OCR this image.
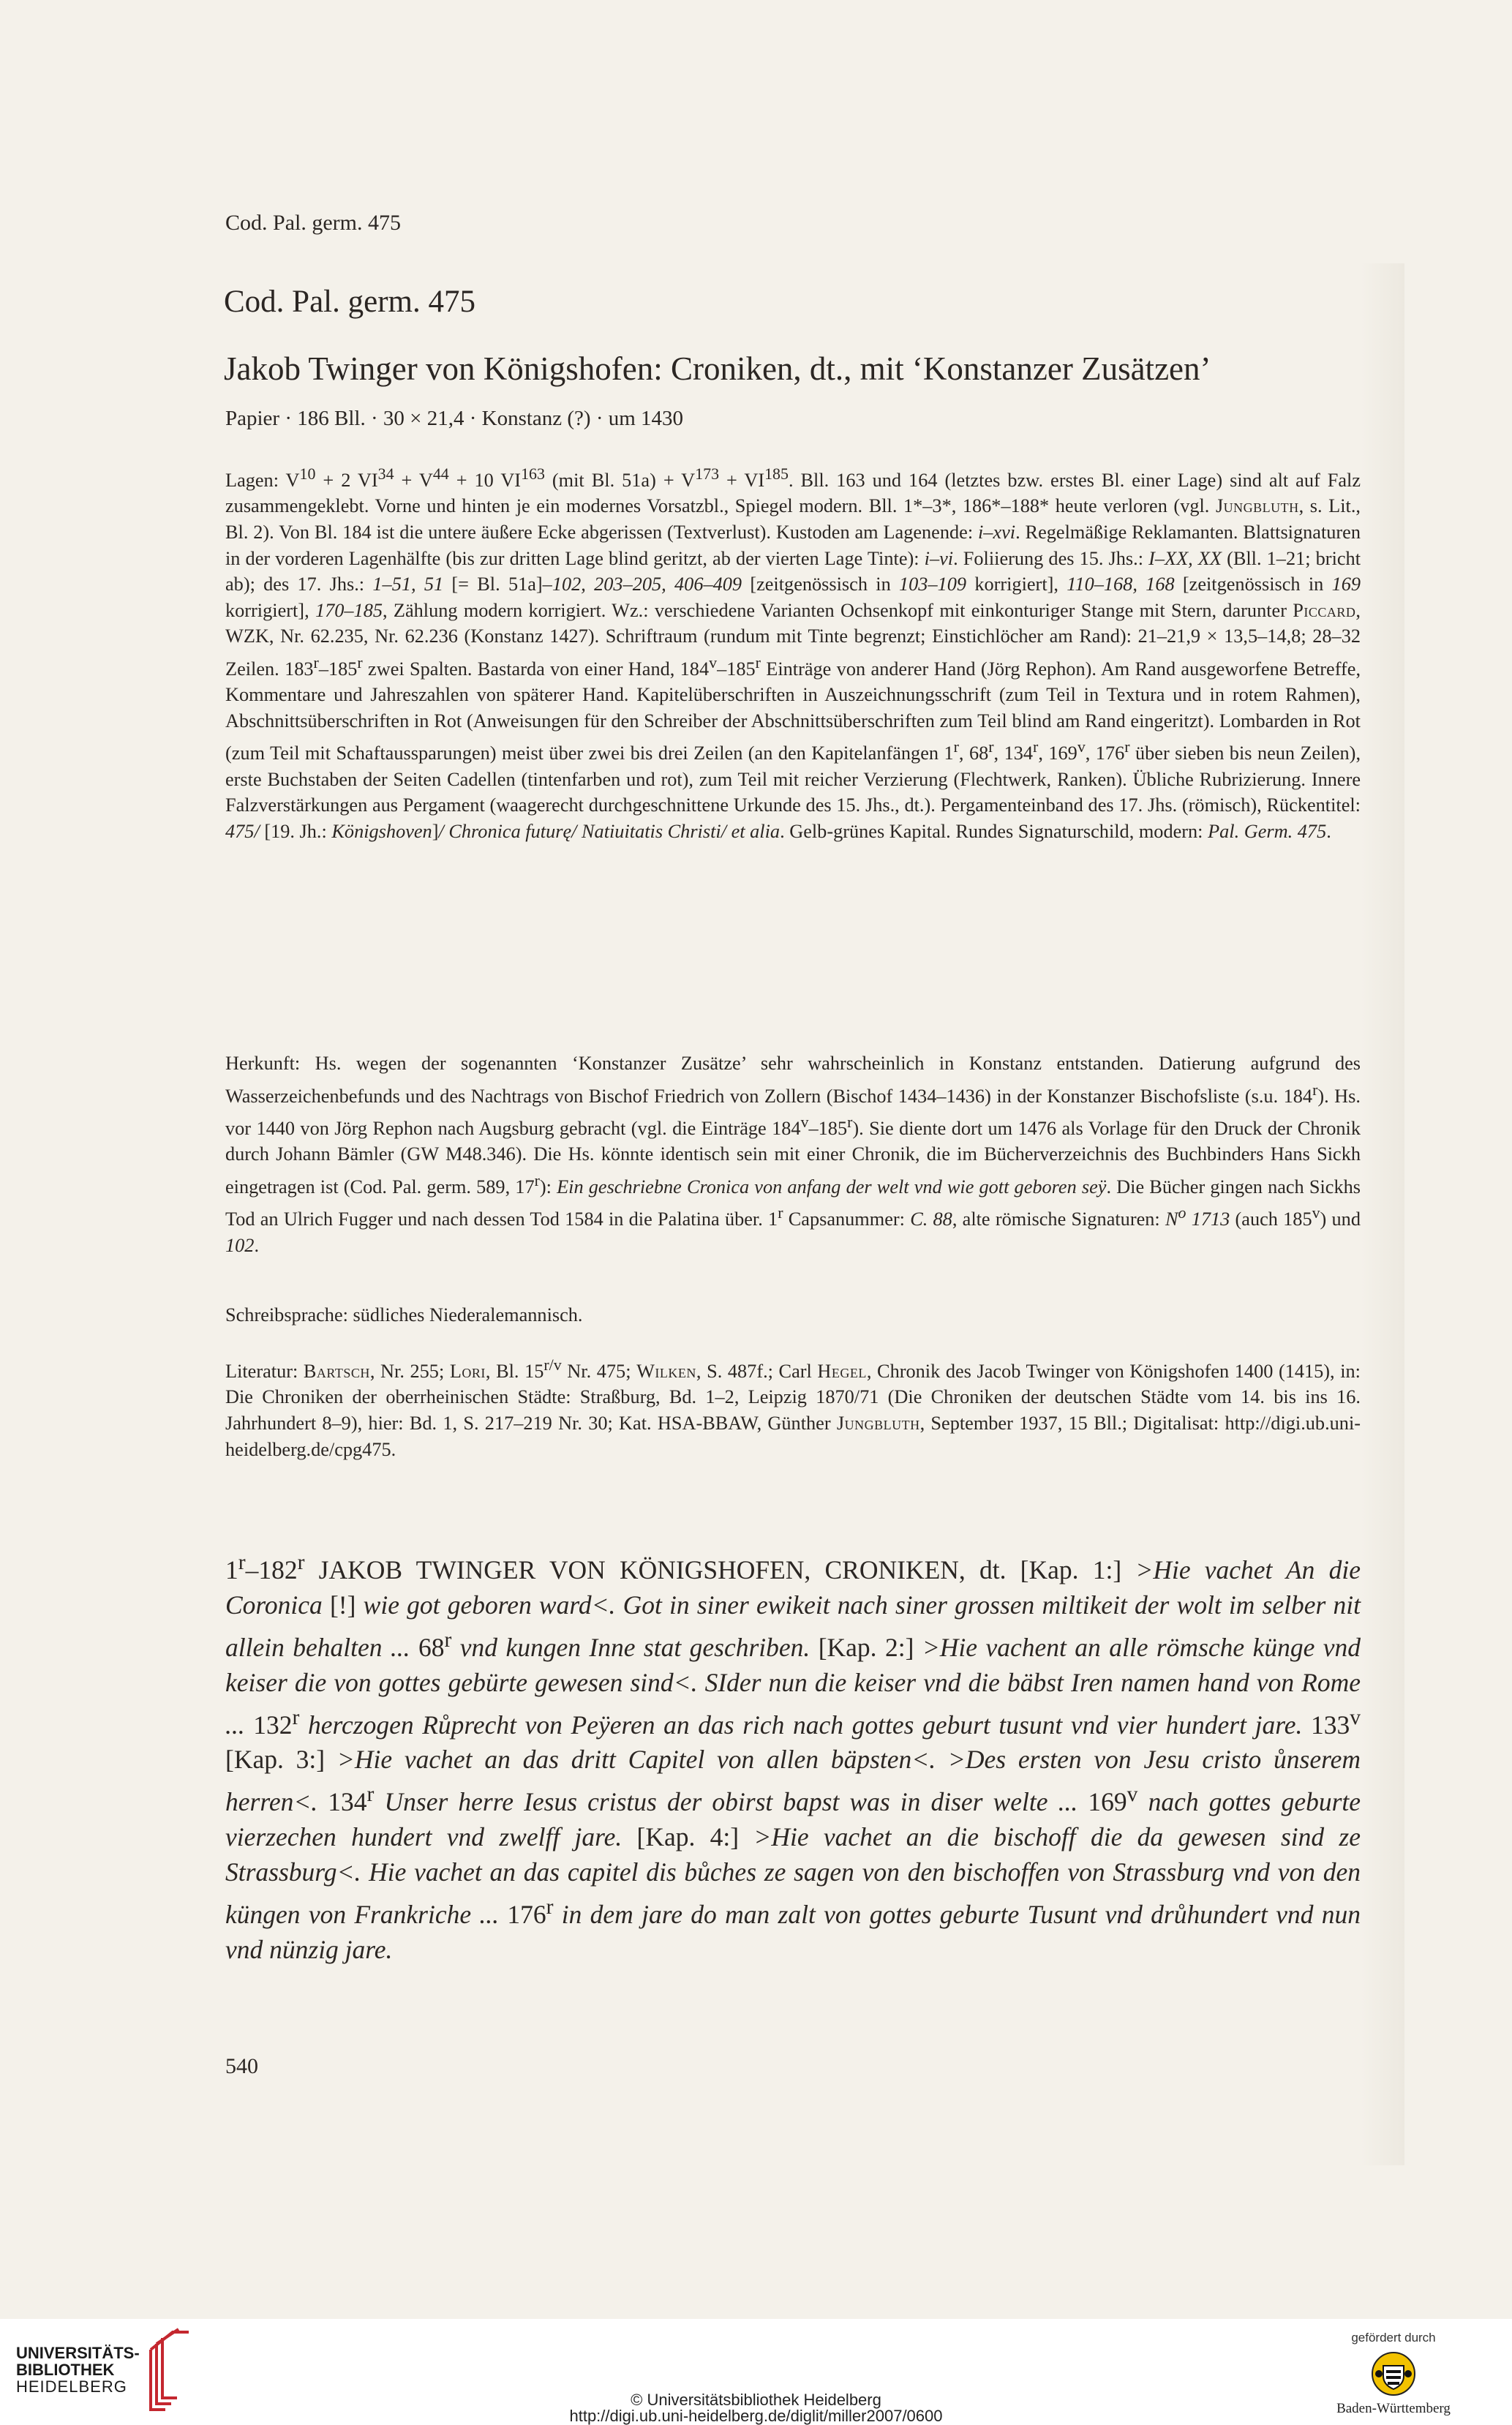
Cod. Pal. germ. 475
Cod. Pal. germ. 475
Jakob Twinger von Königshofen: Croniken, dt., mit ‘Konstanzer Zusätzen’
Papier · 186 Bll. · 30 × 21,4 · Konstanz (?) · um 1430

Lagen: $V^{10} + 2$ $VI^{34} + V^{44} + 10$ VI$^{163}$ (mit Bl. $51a) + V^{173} + VI^{185}$. Bll. 163 und 164 (letztes bzw. erstes Bl. einer Lage) sind alt auf Falz zusammengeklebt. Vorne und hinten je ein modernes Vorsatzbl., Spiegel modern. Bll. 1*–3*, 186*–188* heute verloren (vgl. Jungbluth, s. Lit., Bl. 2). Von Bl. 184 ist die untere äußere Ecke abgerissen (Textverlust). Kustoden am Lagenende: i–xvi. Regelmäßige Reklamanten. Blattsignaturen in der vorderen Lagenhälfte (bis zur dritten Lage blind geritzt, ab der vierten Lage Tinte): i–vi. Foliierung des 15. Jhs.: I–XX, XX (Bll. 1–21; bricht ab); des 17. Jhs.: 1–51, 51 [= Bl. 51a]–102, 203–205, 406–409 [zeitgenössisch in 103–109 korrigiert], 110–168, 168 [zeitgenössisch in 169 korrigiert], 170–185, Zählung modern korrigiert. Wz.: verschiedene Varianten Ochsenkopf mit einkonturiger Stange mit Stern, darunter Piccard, WZK, Nr. 62.235, Nr. 62.236 (Konstanz 1427). Schriftraum (rundum mit Tinte begrenzt; Einstichlöcher am Rand): 21–21,9 × 13,5–14,8; 28–32 Zeilen. 183$^r$–185$^r$ zwei Spalten. Bastarda von einer Hand, 184$^v$–185$^r$ Einträge von anderer Hand (Jörg Rephon). Am Rand ausgeworfene Betreffe, Kommentare und Jahreszahlen von späterer Hand. Kapitelüberschriften in Auszeichnungsschrift (zum Teil in Textura und in rotem Rahmen), Abschnittsüberschriften in Rot (Anweisungen für den Schreiber der Abschnittsüberschriften zum Teil blind am Rand eingeritzt). Lombarden in Rot (zum Teil mit Schaftaussparungen) meist über zwei bis drei Zeilen (an den Kapitelanfängen 1$^r$, 68$^r$, 134$^r$, 169$^v$, 176$^r$ über sieben bis neun Zeilen), erste Buchstaben der Seiten Cadellen (tintenfarben und rot), zum Teil mit reicher Verzierung (Flechtwerk, Ranken). Übliche Rubrizierung. Innere Falzverstärkungen aus Pergament (waagerecht durchgeschnittene Urkunde des 15. Jhs., dt.). Pergamenteinband des 17. Jhs. (römisch), Rückentitel: 475/ [19. Jh.: Königshoven]/ Chronica futurę/ Natiuitatis Christi/ et alia. Gelb-grünes Kapital. Rundes Signaturschild, modern: Pal. Germ. 475.

Herkunft: Hs. wegen der sogenannten ‘Konstanzer Zusätze’ sehr wahrscheinlich in Konstanz entstanden. Datierung aufgrund des Wasserzeichenbefunds und des Nachtrags von Bischof Friedrich von Zollern (Bischof 1434–1436) in der Konstanzer Bischofsliste (s.u. 184$^r$). Hs. vor 1440 von Jörg Rephon nach Augsburg gebracht (vgl. die Einträge 184$^v$–185$^r$). Sie diente dort um 1476 als Vorlage für den Druck der Chronik durch Johann Bämler (GW M48.346). Die Hs. könnte identisch sein mit einer Chronik, die im Bücherverzeichnis des Buchbinders Hans Sickh eingetragen ist (Cod. Pal. germ. 589, 17$^r$): Ein geschriebne Cronica von anfang der welt vnd wie gott geboren seÿ. Die Bücher gingen nach Sickhs Tod an Ulrich Fugger und nach dessen Tod 1584 in die Palatina über. 1$^r$ Capsanummer: C. 88, alte römische Signaturen: $N^o$ 1713 (auch 185$^v$) und 102.

Schreibsprache: südliches Niederalemannisch.

Literatur: Bartsch, Nr. 255; Lori, Bl. $15^{r/v}$ Nr. 475; Wilken, S. 487f.; Carl Hegel, Chronik des Jacob Twinger von Königshofen 1400 (1415), in: Die Chroniken der oberrheinischen Städte: Straßburg, Bd. 1–2, Leipzig 1870/71 (Die Chroniken der deutschen Städte vom 14. bis ins 16. Jahrhundert 8–9), hier: Bd. 1, S. 217–219 Nr. 30; Kat. HSA-BBAW, Günther Jungbluth, September 1937, 15 Bll.; Digitalisat: http://digi.ub.uni-heidelberg.de/cpg475.

1$^r$–182$^r$ JAKOB TWINGER VON KÖNIGSHOFEN, CRONIKEN, dt. [Kap. 1:] >Hie vachet An die Coronica [!] wie got geboren ward<. Got in siner ewikeit nach siner grossen miltikeit der wolt im selber nit allein behalten ... 68$^r$ vnd kungen Inne stat geschriben. [Kap. 2:] >Hie vachent an alle römsche künge vnd keiser die von gottes gebürte gewesen sind<. SIder nun die keiser vnd die bäbst Iren namen hand von Rome ... 132$^r$ herczogen Růprecht von Peÿeren an das rich nach gottes geburt tusunt vnd vier hundert jare. 133$^v$ [Kap. 3:] >Hie vachet an das dritt Capitel von allen bäpsten<. >Des ersten von Jesu cristo ůnserem herren<. 134$^r$ Unser herre Iesus cristus der obirst bapst was in diser welte ... 169$^v$ nach gottes geburte vierzechen hundert vnd zwelff jare. [Kap. 4:] >Hie vachet an die bischoff die da gewesen sind ze Strassburg<. Hie vachet an das capitel dis bůches ze sagen von den bischoffen von Strassburg vnd von den küngen von Frankriche ... 176$^r$ in dem jare do man zalt von gottes geburte Tusunt vnd drůhundert vnd nun vnd nünzig jare.

540
UNIVERSITÄTS-
BIBLIOTHEK
HEIDELBERG
© Universitätsbibliothek Heidelberg
http://digi.ub.uni-heidelberg.de/diglit/miller2007/0600
gefördert durch
Baden-Württemberg
